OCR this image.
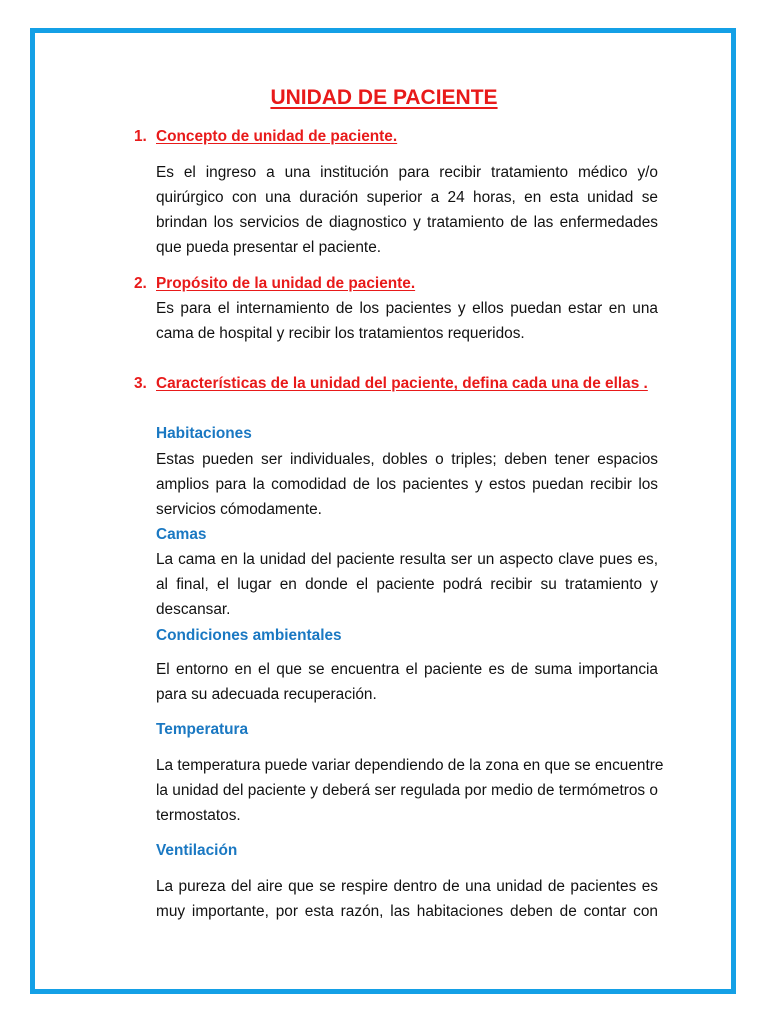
UNIDAD DE PACIENTE
1. Concepto de unidad de paciente.
Es el ingreso a una institución para recibir tratamiento médico y/o
quirúrgico con una duración superior a 24 horas, en esta unidad se
brindan los servicios de diagnostico y tratamiento de las enfermedades
que pueda presentar el paciente.
2. Propósito de la unidad de paciente.
Es para el internamiento de los pacientes y ellos puedan estar en una
cama de hospital y recibir los tratamientos requeridos.
3. Características de la unidad del paciente, defina cada una de ellas .
Habitaciones
Estas pueden ser individuales, dobles o triples; deben tener espacios
amplios para la comodidad de los pacientes y estos puedan recibir los
servicios cómodamente.
Camas
La cama en la unidad del paciente resulta ser un aspecto clave pues es,
al final, el lugar en donde el paciente podrá recibir su tratamiento y
descansar.
Condiciones ambientales
El entorno en el que se encuentra el paciente es de suma importancia
para su adecuada recuperación.
Temperatura
La temperatura puede variar dependiendo de la zona en que se encuentre
la unidad del paciente y deberá ser regulada por medio de termómetros o
termostatos.
Ventilación
La pureza del aire que se respire dentro de una unidad de pacientes es
muy importante, por esta razón, las habitaciones deben de contar con
